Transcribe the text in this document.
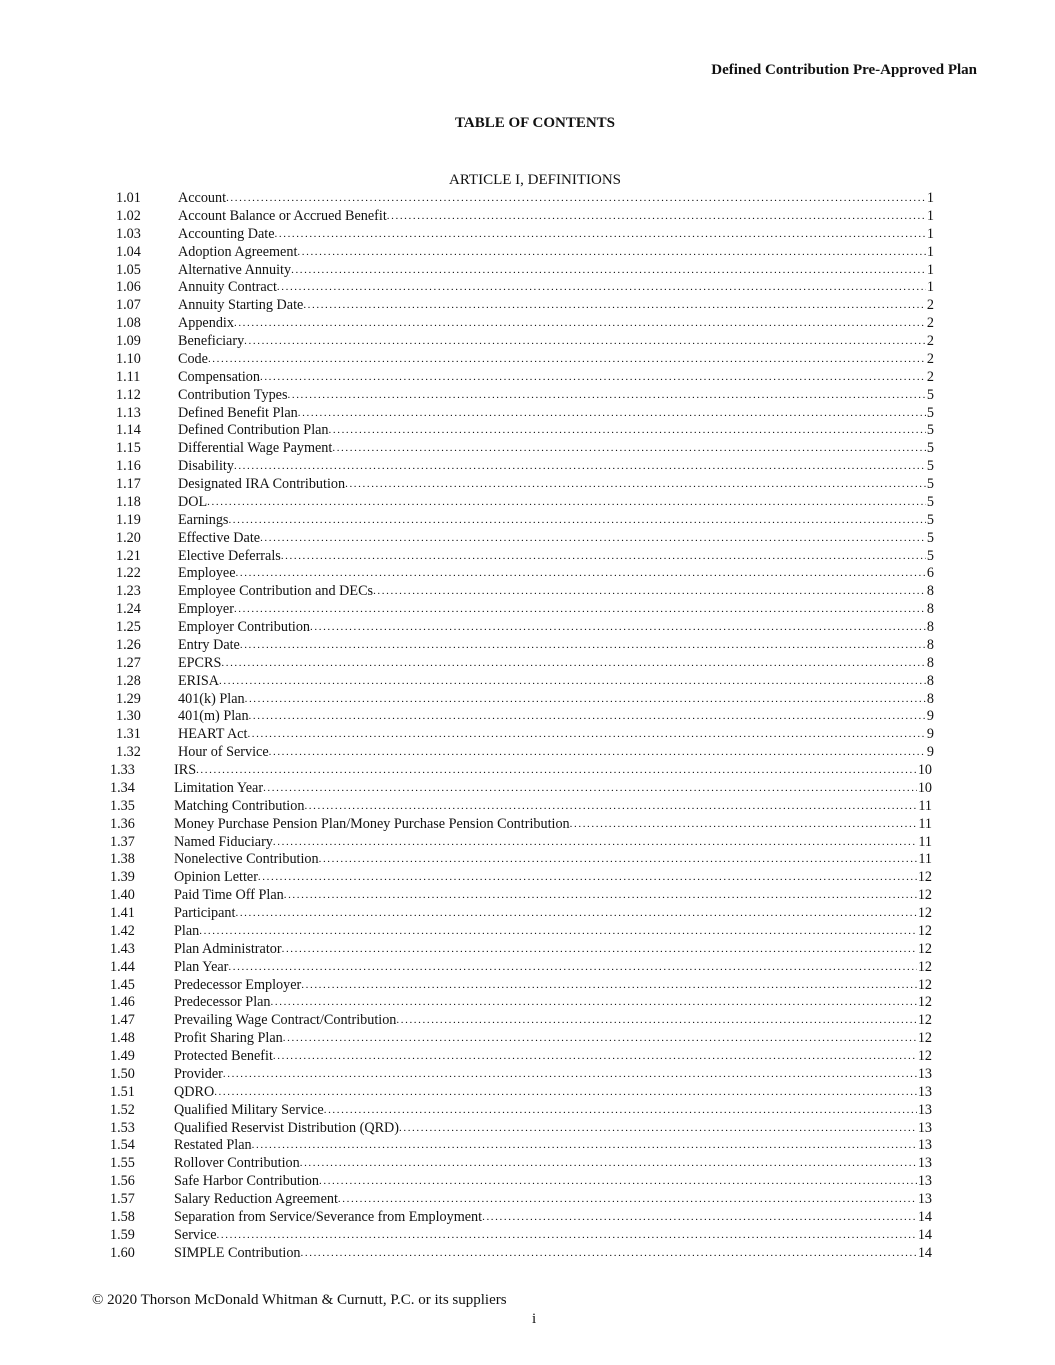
Defined Contribution Pre-Approved Plan
TABLE OF CONTENTS
ARTICLE I, DEFINITIONS
1.01	Account .....	1
1.02	Account Balance or Accrued Benefit .....	1
1.03	Accounting Date .....	1
1.04	Adoption Agreement .....	1
1.05	Alternative Annuity .....	1
1.06	Annuity Contract .....	1
1.07	Annuity Starting Date .....	2
1.08	Appendix .....	2
1.09	Beneficiary .....	2
1.10	Code .....	2
1.11	Compensation .....	2
1.12	Contribution Types .....	5
1.13	Defined Benefit Plan .....	5
1.14	Defined Contribution Plan .....	5
1.15	Differential Wage Payment .....	5
1.16	Disability .....	5
1.17	Designated IRA Contribution .....	5
1.18	DOL .....	5
1.19	Earnings .....	5
1.20	Effective Date .....	5
1.21	Elective Deferrals .....	5
1.22	Employee .....	6
1.23	Employee Contribution and DECs .....	8
1.24	Employer .....	8
1.25	Employer Contribution .....	8
1.26	Entry Date .....	8
1.27	EPCRS .....	8
1.28	ERISA .....	8
1.29	401(k) Plan .....	8
1.30	401(m) Plan .....	9
1.31	HEART Act .....	9
1.32	Hour of Service .....	9
1.33	IRS .....	10
1.34	Limitation Year .....	10
1.35	Matching Contribution .....	11
1.36	Money Purchase Pension Plan/Money Purchase Pension Contribution .....	11
1.37	Named Fiduciary .....	11
1.38	Nonelective Contribution .....	11
1.39	Opinion Letter .....	12
1.40	Paid Time Off Plan .....	12
1.41	Participant .....	12
1.42	Plan .....	12
1.43	Plan Administrator .....	12
1.44	Plan Year .....	12
1.45	Predecessor Employer .....	12
1.46	Predecessor Plan .....	12
1.47	Prevailing Wage Contract/Contribution .....	12
1.48	Profit Sharing Plan .....	12
1.49	Protected Benefit .....	12
1.50	Provider .....	13
1.51	QDRO .....	13
1.52	Qualified Military Service .....	13
1.53	Qualified Reservist Distribution (QRD) .....	13
1.54	Restated Plan .....	13
1.55	Rollover Contribution .....	13
1.56	Safe Harbor Contribution .....	13
1.57	Salary Reduction Agreement .....	13
1.58	Separation from Service/Severance from Employment .....	14
1.59	Service .....	14
1.60	SIMPLE Contribution .....	14
© 2020 Thorson McDonald Whitman & Curnutt, P.C. or its suppliers
i
